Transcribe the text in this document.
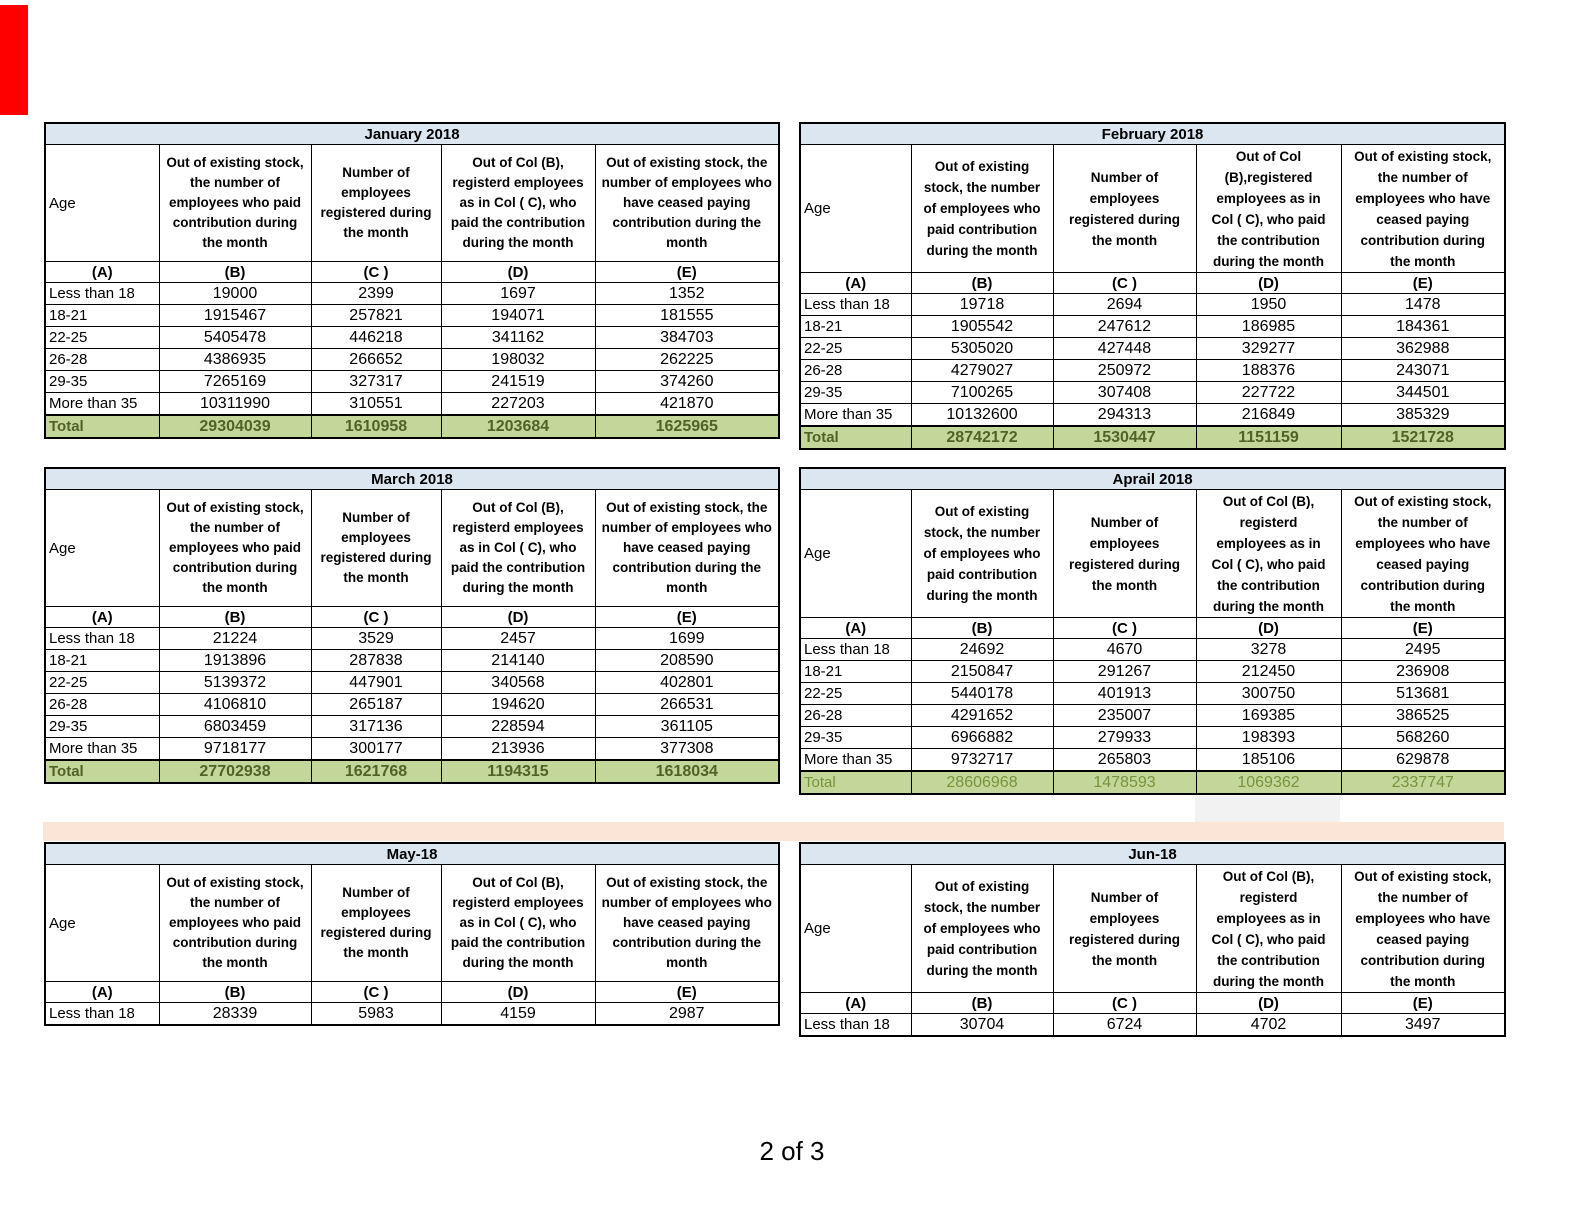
January 2018				
Age	Out of existing stock, the number of employees who paid contribution during the month	Number of employees registered during the month	Out of Col (B), registerd employees as in Col ( C), who paid the contribution during the month	Out of existing stock, the number of employees who have ceased paying contribution during the month
(A)	(B)	(C )	(D)	(E)
Less than 18	19000	2399	1697	1352
18-21	1915467	257821	194071	181555
22-25	5405478	446218	341162	384703
26-28	4386935	266652	198032	262225
29-35	7265169	327317	241519	374260
More than 35	10311990	310551	227203	421870
Total	29304039	1610958	1203684	1625965
February 2018				
Age	Out of existing stock, the number of employees who paid contribution during the month	Number of employees registered during the month	Out of Col (B),registered employees as in Col ( C), who paid the contribution during the month	Out of existing stock, the number of employees who have ceased paying contribution during the month
(A)	(B)	(C )	(D)	(E)
Less than 18	19718	2694	1950	1478
18-21	1905542	247612	186985	184361
22-25	5305020	427448	329277	362988
26-28	4279027	250972	188376	243071
29-35	7100265	307408	227722	344501
More than 35	10132600	294313	216849	385329
Total	28742172	1530447	1151159	1521728
March 2018				
Age	Out of existing stock, the number of employees who paid contribution during the month	Number of employees registered during the month	Out of Col (B), registerd employees as in Col ( C), who paid the contribution during the month	Out of existing stock, the number of employees who have ceased paying contribution during the month
(A)	(B)	(C )	(D)	(E)
Less than 18	21224	3529	2457	1699
18-21	1913896	287838	214140	208590
22-25	5139372	447901	340568	402801
26-28	4106810	265187	194620	266531
29-35	6803459	317136	228594	361105
More than 35	9718177	300177	213936	377308
Total	27702938	1621768	1194315	1618034
Aprail 2018				
Age	Out of existing stock, the number of employees who paid contribution during the month	Number of employees registered during the month	Out of Col (B), registerd employees as in Col ( C), who paid the contribution during the month	Out of existing stock, the number of employees who have ceased paying contribution during the month
(A)	(B)	(C )	(D)	(E)
Less than 18	24692	4670	3278	2495
18-21	2150847	291267	212450	236908
22-25	5440178	401913	300750	513681
26-28	4291652	235007	169385	386525
29-35	6966882	279933	198393	568260
More than 35	9732717	265803	185106	629878
Total	28606968	1478593	1069362	2337747
May-18				
Age	Out of existing stock, the number of employees who paid contribution during the month	Number of employees registered during the month	Out of Col (B), registerd employees as in Col ( C), who paid the contribution during the month	Out of existing stock, the number of employees who have ceased paying contribution during the month
(A)	(B)	(C )	(D)	(E)
Less than 18	28339	5983	4159	2987
Jun-18				
Age	Out of existing stock, the number of employees who paid contribution during the month	Number of employees registered during the month	Out of Col (B), registerd employees as in Col ( C), who paid the contribution during the month	Out of existing stock, the number of employees who have ceased paying contribution during the month
(A)	(B)	(C )	(D)	(E)
Less than 18	30704	6724	4702	3497
2 of 3
